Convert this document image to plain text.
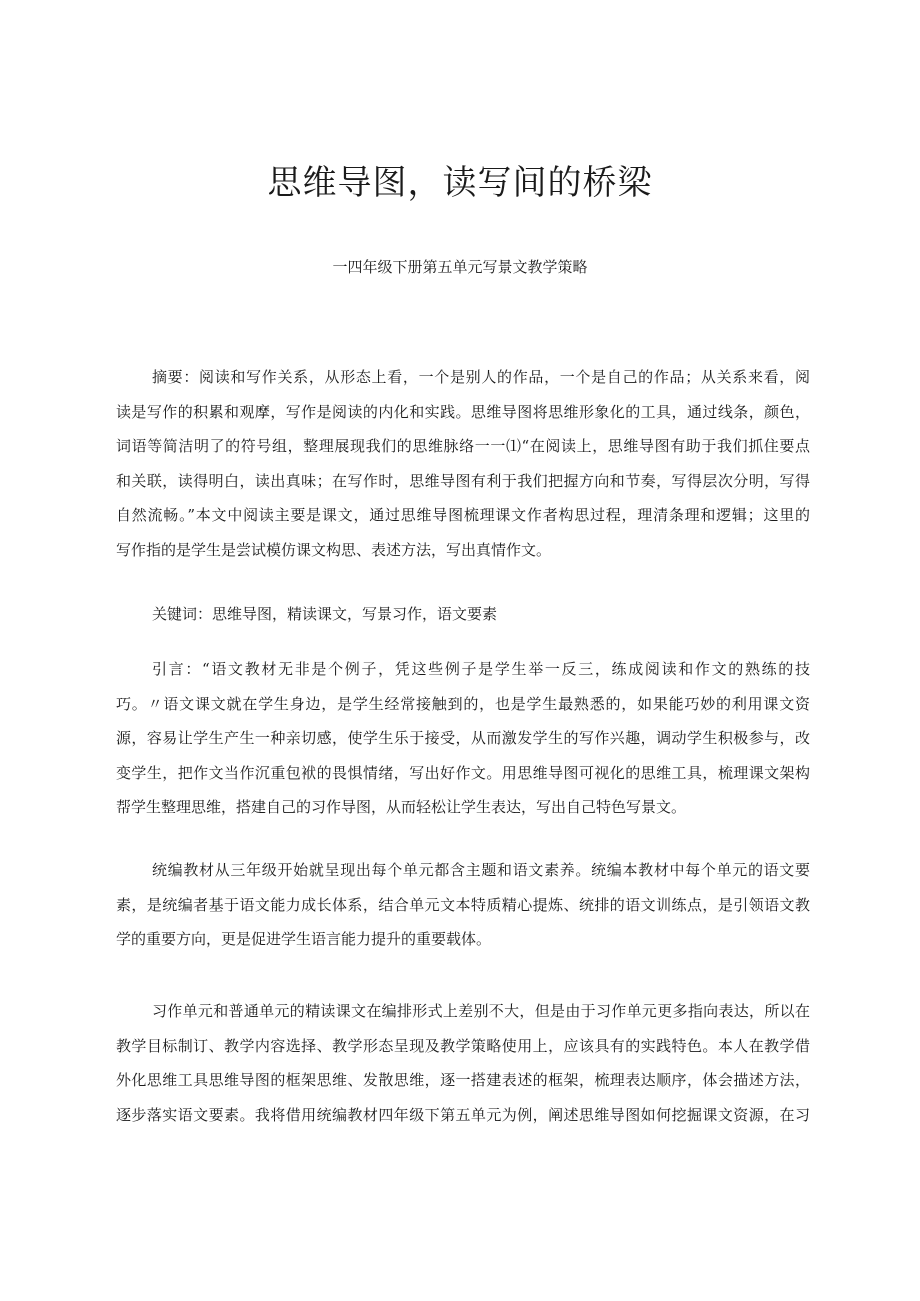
思维导图，读写间的桥梁

一四年级下册第五单元写景文教学策略

摘要：阅读和写作关系，从形态上看，一个是别人的作品，一个是自己的作品；从关系来看，阅
读是写作的积累和观摩，写作是阅读的内化和实践。思维导图将思维形象化的工具，通过线条，颜色，
词语等简洁明了的符号组，整理展现我们的思维脉络一一⑴“在阅读上，思维导图有助于我们抓住要点
和关联，读得明白，读出真味；在写作时，思维导图有利于我们把握方向和节奏，写得层次分明，写得
自然流畅。”本文中阅读主要是课文，通过思维导图梳理课文作者构思过程，理清条理和逻辑；这里的
写作指的是学生是尝试模仿课文构思、表述方法，写出真情作文。
关键词：思维导图，精读课文，写景习作，语文要素
引言：“语文教材无非是个例子，凭这些例子是学生举一反三，练成阅读和作文的熟练的技
巧。〃语文课文就在学生身边，是学生经常接触到的，也是学生最熟悉的，如果能巧妙的利用课文资
源，容易让学生产生一种亲切感，使学生乐于接受，从而激发学生的写作兴趣，调动学生积极参与，改
变学生，把作文当作沉重包袱的畏惧情绪，写出好作文。用思维导图可视化的思维工具，梳理课文架构
帮学生整理思维，搭建自己的习作导图，从而轻松让学生表达，写出自己特色写景文。
统编教材从三年级开始就呈现出每个单元都含主题和语文素养。统编本教材中每个单元的语文要
素，是统编者基于语文能力成长体系，结合单元文本特质精心提炼、统排的语文训练点，是引领语文教
学的重要方向，更是促进学生语言能力提升的重要载体。
习作单元和普通单元的精读课文在编排形式上差别不大，但是由于习作单元更多指向表达，所以在
教学目标制订、教学内容选择、教学形态呈现及教学策略使用上，应该具有的实践特色。本人在教学借
外化思维工具思维导图的框架思维、发散思维，逐一搭建表述的框架，梳理表达顺序，体会描述方法，
逐步落实语文要素。我将借用统编教材四年级下第五单元为例，阐述思维导图如何挖掘课文资源，在习
